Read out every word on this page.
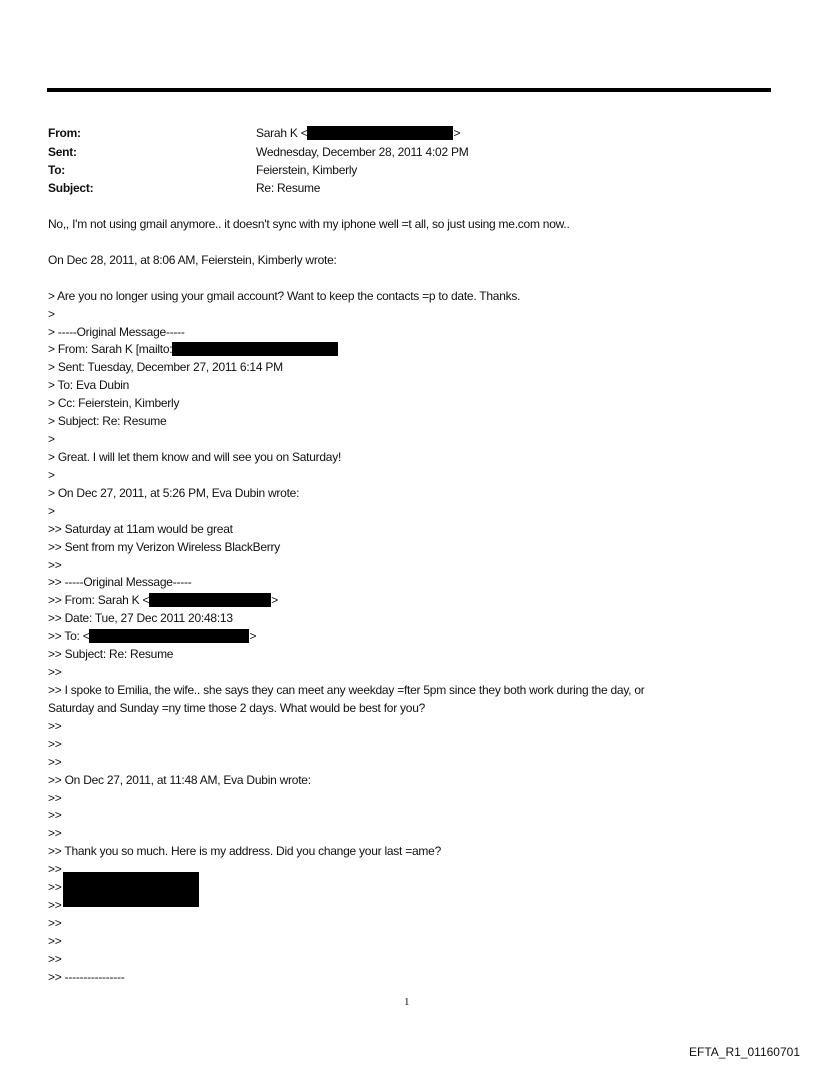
From:	Sarah K <	>
Sent:	Wednesday, December 28, 2011 4:02 PM
To:	Feierstein, Kimberly
Subject:	Re: Resume
No,, I'm not using gmail anymore.. it doesn't sync with my iphone well =t all, so just using me.com now..
On Dec 28, 2011, at 8:06 AM, Feierstein, Kimberly wrote:
> Are you no longer using your gmail account? Want to keep the contacts =p to date. Thanks.
>
> -----Original Message-----
> From: Sarah K [mailto:
> Sent: Tuesday, December 27, 2011 6:14 PM
> To: Eva Dubin
> Cc: Feierstein, Kimberly
> Subject: Re: Resume
>
> Great. I will let them know and will see you on Saturday!
>
> On Dec 27, 2011, at 5:26 PM, Eva Dubin wrote:
>
>> Saturday at 11am would be great
>> Sent from my Verizon Wireless BlackBerry
>>
>> -----Original Message-----
>> From: Sarah K <	>
>> Date: Tue, 27 Dec 2011 20:48:13
>> To: <	>
>> Subject: Re: Resume
>>
>> I spoke to Emilia, the wife.. she says they can meet any weekday =fter 5pm since they both work during the day, or
Saturday and Sunday =ny time those 2 days. What would be best for you?
>>
>>
>>
>> On Dec 27, 2011, at 11:48 AM, Eva Dubin wrote:
>>
>>
>>
>> Thank you so much. Here is my address. Did you change your last =ame?
>>
>>
>>
>>
>>
>>
>> ----------------
1
EFTA_R1_01160701
